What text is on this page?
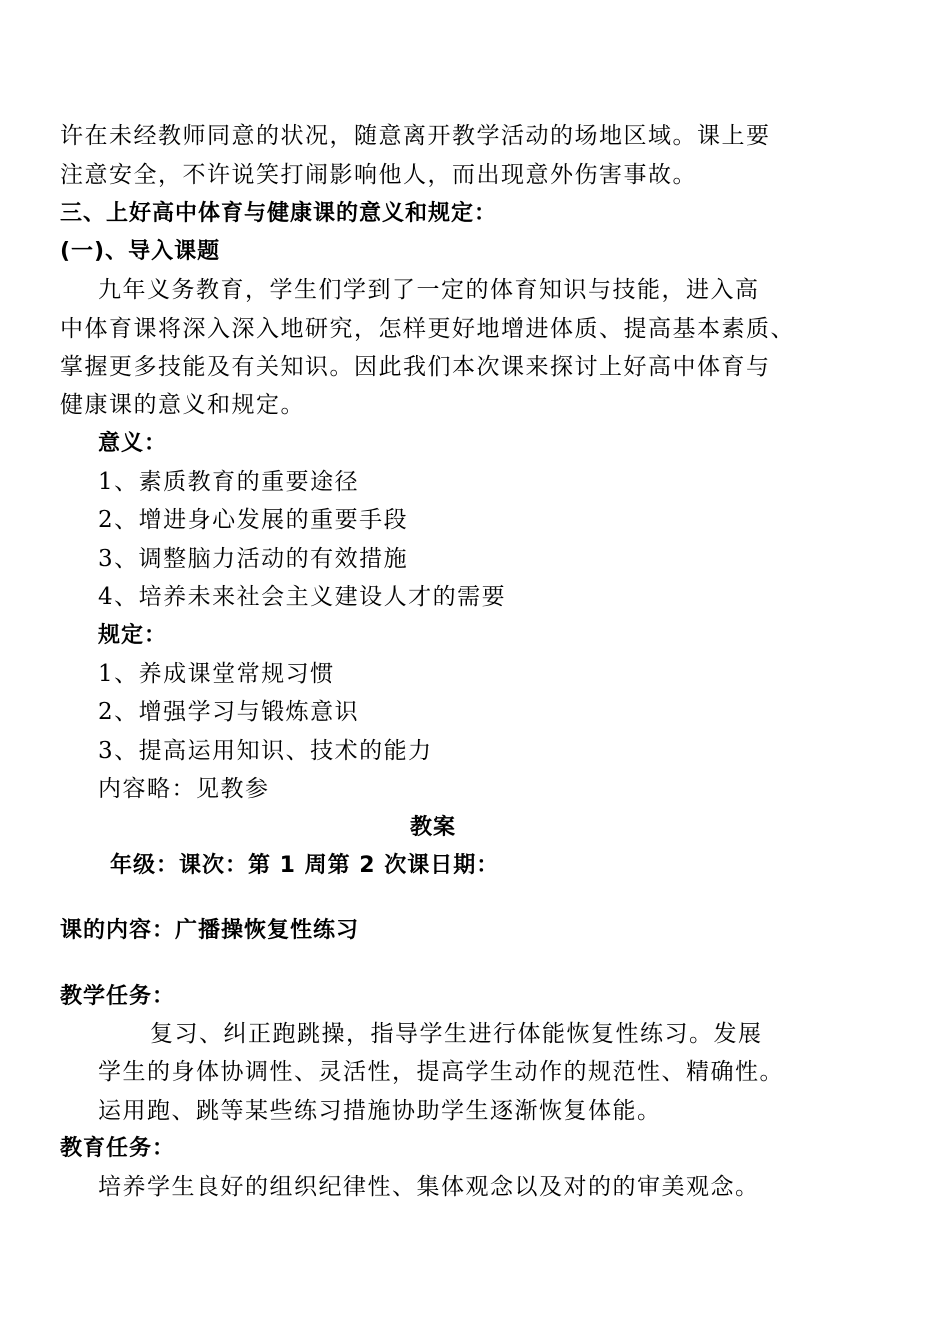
许在未经教师同意的状况，随意离开教学活动的场地区域。课上要
注意安全，不许说笑打闹影响他人，而出现意外伤害事故。
三、上好高中体育与健康课的意义和规定：
(一)、导入课题
九年义务教育，学生们学到了一定的体育知识与技能，进入高
中体育课将深入深入地研究，怎样更好地增进体质、提高基本素质、
掌握更多技能及有关知识。因此我们本次课来探讨上好高中体育与
健康课的意义和规定。
意义：
1、素质教育的重要途径
2、增进身心发展的重要手段
3、调整脑力活动的有效措施
4、培养未来社会主义建设人才的需要
规定：
1、养成课堂常规习惯
2、增强学习与锻炼意识
3、提高运用知识、技术的能力
内容略：见教参
教案
年级：课次：第 1 周第 2 次课日期：
课的内容：广播操恢复性练习
教学任务：
复习、纠正跑跳操，指导学生进行体能恢复性练习。发展
学生的身体协调性、灵活性，提高学生动作的规范性、精确性。
运用跑、跳等某些练习措施协助学生逐渐恢复体能。
教育任务：
培养学生良好的组织纪律性、集体观念以及对的的审美观念。
